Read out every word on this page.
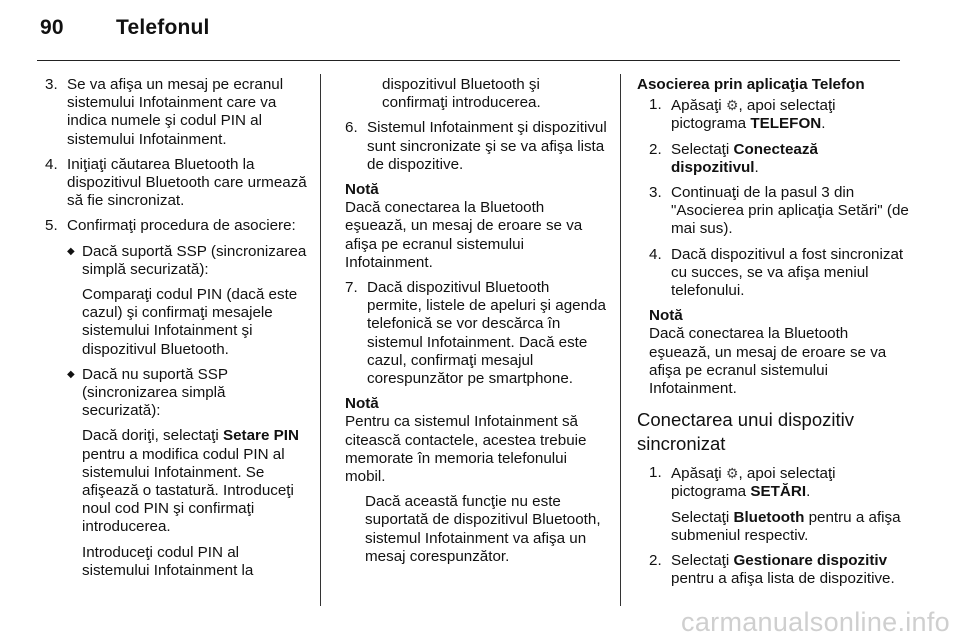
90 Telefonul
3. Se va afişa un mesaj pe ecranul sistemului Infotainment care va indica numele şi codul PIN al sistemului Infotainment.
4. Iniţiaţi căutarea Bluetooth la dispozitivul Bluetooth care urmează să fie sincronizat.
5. Confirmaţi procedura de asociere:
◆ Dacă suportă SSP (sincronizarea simplă securizată):

Comparaţi codul PIN (dacă este cazul) şi confirmaţi mesajele sistemului Infotainment şi dispozitivul Bluetooth.

◆ Dacă nu suportă SSP (sincronizarea simplă securizată):

Dacă doriţi, selectaţi Setare PIN pentru a modifica codul PIN al sistemului Infotainment. Se afişează o tastatură. Introduceţi noul cod PIN şi confirmaţi introducerea.

Introduceţi codul PIN al sistemului Infotainment la

dispozitivul Bluetooth şi confirmaţi introducerea.

6. Sistemul Infotainment şi dispozitivul sunt sincronizate şi se va afişa lista de dispozitive.

Notă

Dacă conectarea la Bluetooth eşuează, un mesaj de eroare se va afişa pe ecranul sistemului Infotainment.

7. Dacă dispozitivul Bluetooth permite, listele de apeluri şi agenda telefonică se vor descărca în sistemul Infotainment. Dacă este cazul, confirmaţi mesajul corespunzător pe smartphone.

Notă

Pentru ca sistemul Infotainment să citească contactele, acestea trebuie memorate în memoria telefonului mobil.

Dacă această funcţie nu este suportată de dispozitivul Bluetooth, sistemul Infotainment va afişa un mesaj corespunzător.

Asocierea prin aplicaţia Telefon

1. Apăsaţi ⚙, apoi selectaţi pictograma TELEFON.
2. Selectaţi Conectează dispozitivul.
3. Continuaţi de la pasul 3 din "Asocierea prin aplicaţia Setări" (de mai sus).
4. Dacă dispozitivul a fost sincronizat cu succes, se va afişa meniul telefonului.

Notă

Dacă conectarea la Bluetooth eşuează, un mesaj de eroare se va afişa pe ecranul sistemului Infotainment.

Conectarea unui dispozitiv sincronizat

1. Apăsaţi ⚙, apoi selectaţi pictograma SETĂRI.

Selectaţi Bluetooth pentru a afişa submeniul respectiv.

2. Selectaţi Gestionare dispozitiv pentru a afişa lista de dispozitive.
carmanualsonline.info
